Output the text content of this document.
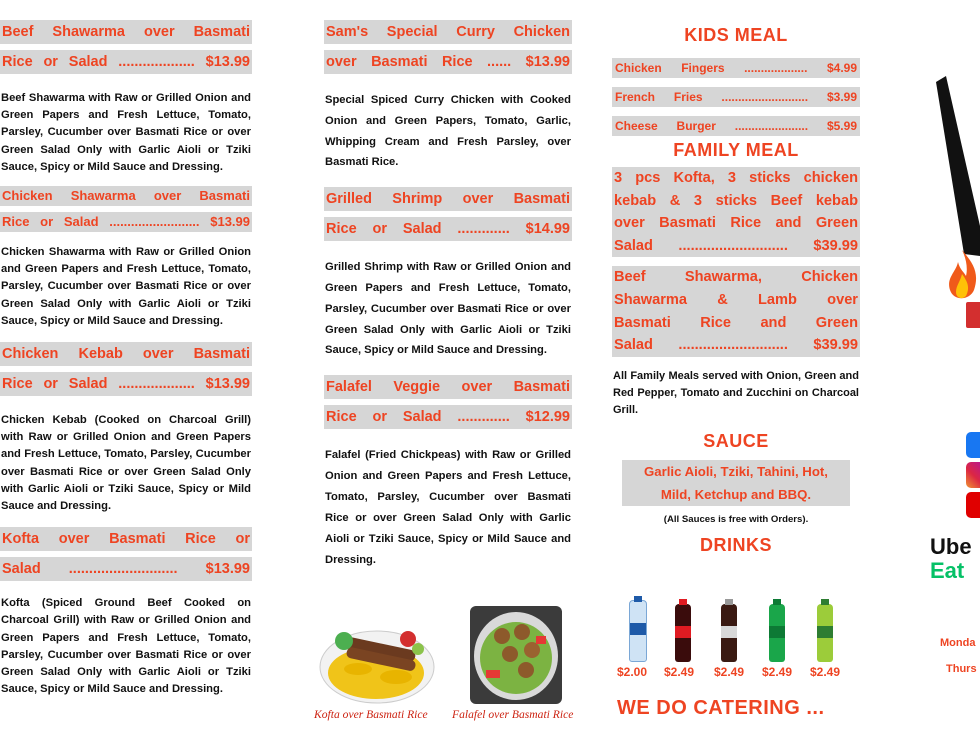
Beef Shawarma over Basmati
Rice or Salad ................... $13.99

Beef Shawarma with Raw or Grilled Onion and Green Papers and Fresh Lettuce, Tomato, Parsley, Cucumber over Basmati Rice or over Green Salad Only with Garlic Aioli or Tziki Sauce, Spicy or Mild Sauce and Dressing.

Chicken Shawarma over Basmati
Rice or Salad ......................... $13.99

Chicken Shawarma with Raw or Grilled Onion and Green Papers and Fresh Lettuce, Tomato, Parsley, Cucumber over Basmati Rice or over Green Salad Only with Garlic Aioli or Tziki Sauce, Spicy or Mild Sauce and Dressing.

Chicken Kebab over Basmati
Rice or Salad ................... $13.99

Chicken Kebab (Cooked on Charcoal Grill) with Raw or Grilled Onion and Green Papers and Fresh Lettuce, Tomato, Parsley, Cucumber over Basmati Rice or over Green Salad Only with Garlic Aioli or Tziki Sauce, Spicy or Mild Sauce and Dressing.

Kofta over Basmati Rice or
Salad ........................... $13.99

Kofta (Spiced Ground Beef Cooked on Charcoal Grill) with Raw or Grilled Onion and Green Papers and Fresh Lettuce, Tomato, Parsley, Cucumber over Basmati Rice or over Green Salad Only with Garlic Aioli or Tziki Sauce, Spicy or Mild Sauce and Dressing.

Sam's Special Curry Chicken
over Basmati Rice ...... $13.99

Special Spiced Curry Chicken with Cooked Onion and Green Papers, Tomato, Garlic, Whipping Cream and Fresh Parsley, over Basmati Rice.

Grilled Shrimp over Basmati
Rice or Salad ............. $14.99

Grilled Shrimp with Raw or Grilled Onion and Green Papers and Fresh Lettuce, Tomato, Parsley, Cucumber over Basmati Rice or over Green Salad Only with Garlic Aioli or Tziki Sauce, Spicy or Mild Sauce and Dressing.

Falafel Veggie over Basmati
Rice or Salad ............. $12.99

Falafel (Fried Chickpeas) with Raw or Grilled Onion and Green Papers and Fresh Lettuce, Tomato, Parsley, Cucumber over Basmati Rice or over Green Salad Only with Garlic Aioli or Tziki Sauce, Spicy or Mild Sauce and Dressing.

Kofta over Basmati Rice Falafel over Basmati Rice
KIDS MEAL
Chicken Fingers ................... $4.99
French Fries .......................... $3.99
Cheese Burger ...................... $5.99
FAMILY MEAL
3 pcs Kofta, 3 sticks chicken
kebab & 3 sticks Beef kebab
over Basmati Rice and Green
Salad ........................... $39.99
Beef Shawarma, Chicken
Shawarma & Lamb over
Basmati Rice and Green
Salad ........................... $39.99

All Family Meals served with Onion, Green and Red Pepper, Tomato and Zucchini on Charcoal Grill.

SAUCE
Garlic Aioli, Tziki, Tahini, Hot,
Mild, Ketchup and BBQ.
(All Sauces is free with Orders).
DRINKS
$2.00 $2.49 $2.49 $2.49 $2.49
WE DO CATERING ...
Ube
Eat
Monda
Thurs
